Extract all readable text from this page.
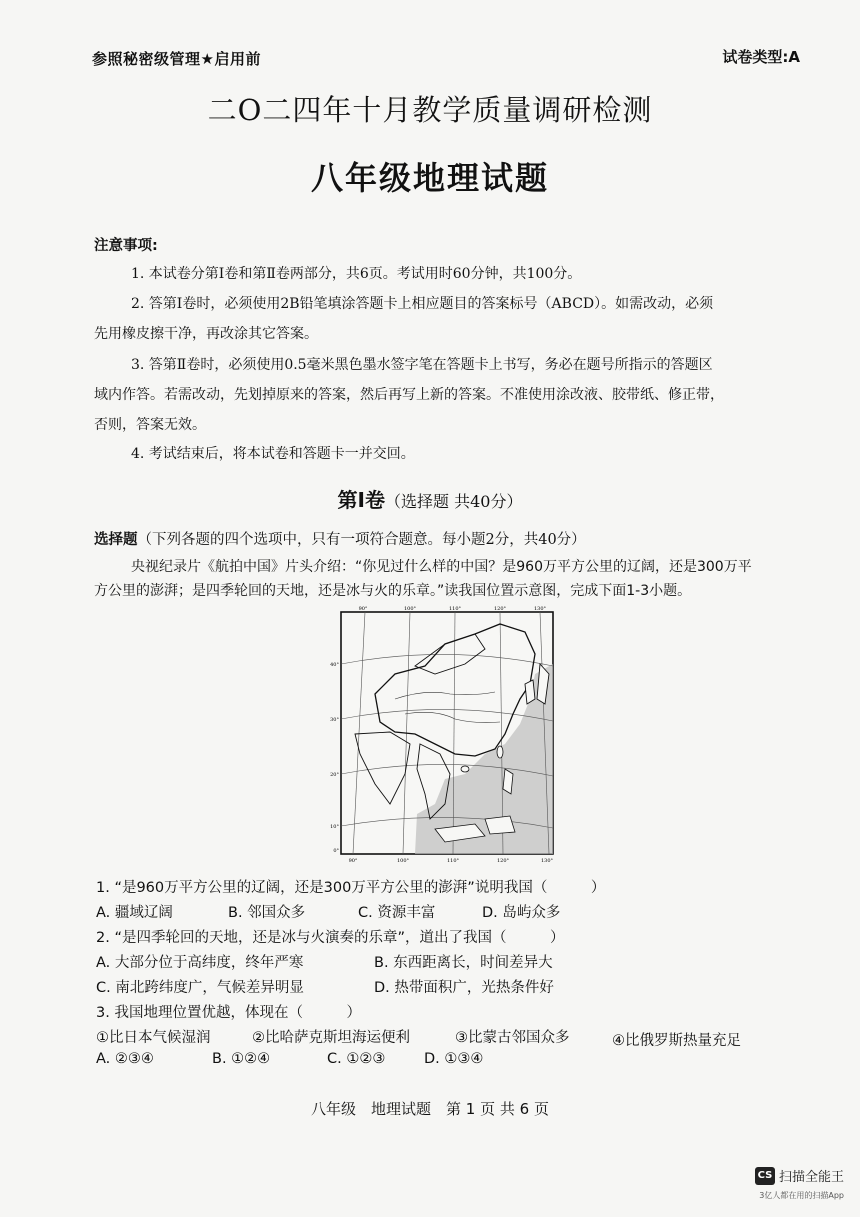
参照秘密级管理★启用前	试卷类型:A
二O二四年十月教学质量调研检测
八年级地理试题
注意事项:
1. 本试卷分第Ⅰ卷和第Ⅱ卷两部分，共6页。考试用时60分钟，共100分。
2. 答第Ⅰ卷时，必须使用2B铅笔填涂答题卡上相应题目的答案标号（ABCD）。如需改动，必须
先用橡皮擦干净，再改涂其它答案。
3. 答第Ⅱ卷时，必须使用0.5毫米黑色墨水签字笔在答题卡上书写，务必在题号所指示的答题区
域内作答。若需改动，先划掉原来的答案，然后再写上新的答案。不准使用涂改液、胶带纸、修正带，
否则，答案无效。
4. 考试结束后，将本试卷和答题卡一并交回。
第Ⅰ卷（选择题 共40分）
选择题（下列各题的四个选项中，只有一项符合题意。每小题2分，共40分）
央视纪录片《航拍中国》片头介绍：“你见过什么样的中国？是960万平方公里的辽阔，还是300万平
方公里的澎湃；是四季轮回的天地，还是冰与火的乐章。”读我国位置示意图，完成下面1-3小题。
90°	100°	110°	120°	130°
90°	100°	110°	120°	130°
40°
30°
20°
10°
0°
1. “是960万平方公里的辽阔，还是300万平方公里的澎湃”说明我国（　　　）
A. 疆域辽阔	B. 邻国众多	C. 资源丰富	D. 岛屿众多
2. “是四季轮回的天地，还是冰与火演奏的乐章”，道出了我国（　　　）
A. 大部分位于高纬度，终年严寒	B. 东西距离长，时间差异大
C. 南北跨纬度广，气候差异明显	D. 热带面积广，光热条件好
3. 我国地理位置优越，体现在（　　　）
①比日本气候湿润	②比哈萨克斯坦海运便利	③比蒙古邻国众多	④比俄罗斯热量充足
A. ②③④	B. ①②④	C. ①②③	D. ①③④
八年级　地理试题　第 1 页 共 6 页
CS 扫描全能王
3亿人都在用的扫描App
